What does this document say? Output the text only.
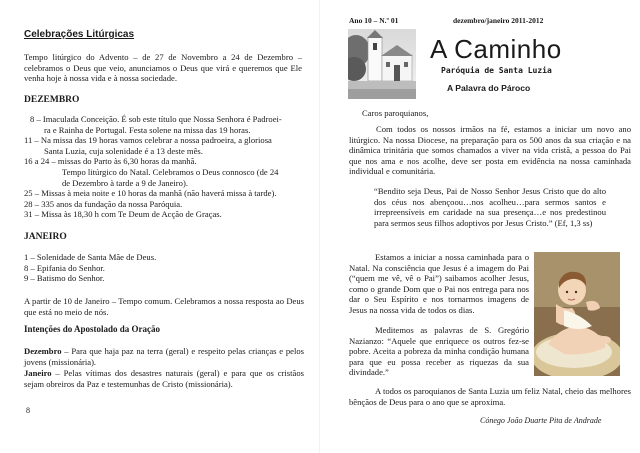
Celebrações Litúrgicas

Tempo litúrgico do Advento – de 27 de Novembro a 24 de Dezembro – celebramos o Deus que veio, anunciamos o Deus que virá e queremos que Ele venha hoje à nossa vida e à nossa sociedade.

DEZEMBRO

8 – Imaculada Conceição. É sob este título que Nossa Senhora é Padroei-

ra e Rainha de Portugal. Festa solene na missa das 19 horas.

11 – Na missa das 19 horas vamos celebrar a nossa padroeira, a gloriosa

Santa Luzia, cuja solenidade é a 13 deste mês.

16 a 24 – missas do Parto às 6,30 horas da manhã.

Tempo litúrgico do Natal. Celebramos o Deus connosco (de 24

de Dezembro à tarde a 9 de Janeiro).

25 – Missas à meia noite e 10 horas da manhã (não haverá missa à tarde).

28 – 335 anos da fundação da nossa Paróquia.

31 – Missa às 18,30 h com Te Deum de Acção de Graças.

JANEIRO

1 – Solenidade de Santa Mãe de Deus.

8 – Epifania do Senhor.

9 – Batismo do Senhor.

A partir de 10 de Janeiro – Tempo comum. Celebramos a nossa resposta ao Deus que está no meio de nós.

Intenções do Apostolado da Oração

Dezembro – Para que haja paz na terra (geral) e respeito pelas crianças e pelos jovens (missionária).

Janeiro – Pelas vítimas dos desastres naturais (geral) e para que os cristãos sejam obreiros da Paz e testemunhas de Cristo (missionária).

8
Ano 10 – N.º 01	dezembro/janeiro 2011-2012
A Caminho
Paróquia de Santa Luzia
A Palavra do Pároco
Caros paroquianos,

Com todos os nossos irmãos na fé, estamos a iniciar um novo ano litúrgico. Na nossa Diocese, na preparação para os 500 anos da sua criação e na dinâmica trinitária que somos chamados a viver na vida cristã, a pessoa do Pai que nos ama e nos acolhe, deve ser posta em evidência na nossa caminhada individual e comunitária.

“Bendito seja Deus, Pai de Nosso Senhor Jesus Cristo que do alto dos céus nos abençoou…nos acolheu…para sermos santos e irrepreensíveis em caridade na sua presença…e nos predestinou para sermos seus filhos adoptivos por Jesus Cristo.” (Ef, 1,3 ss)

Estamos a iniciar a nossa caminhada para o Natal. Na consciência que Jesus é a imagem do Pai (“quem me vê, vê o Pai”) saibamos acolher Jesus, como o grande Dom que o Pai nos entrega para nos dar o Seu Espírito e nos tornarmos imagens de Jesus na nossa vida de todos os dias.

Meditemos as palavras de S. Gregório Nazianzo: “Aquele que enriquece os outros fez-se pobre. Aceita a pobreza da minha condição humana para que eu possa receber as riquezas da sua divindade.”

A todos os paroquianos de Santa Luzia um feliz Natal, cheio das melhores bênçãos de Deus para o ano que se aproxima.

Cónego João Duarte Pita de Andrade
